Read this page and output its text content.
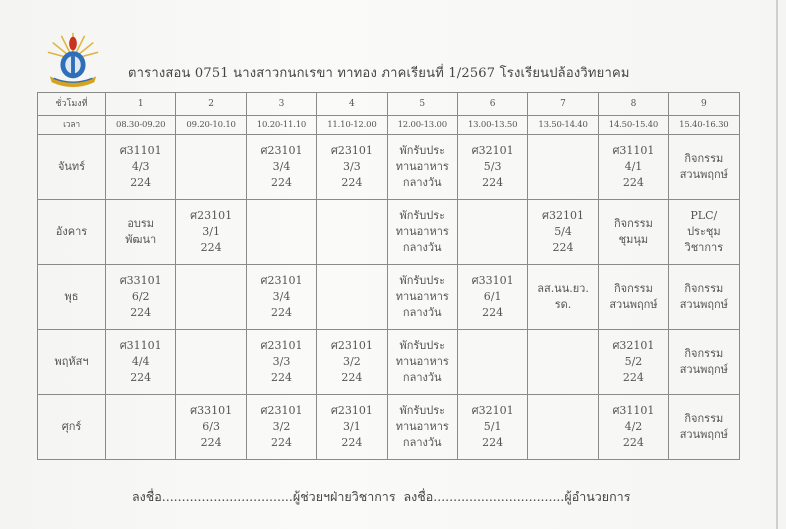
ตารางสอน 0751 นางสาวกนกเรขา ทาทอง ภาคเรียนที่ 1/2567 โรงเรียนปล้องวิทยาคม
ชั่วโมงที่	1	2	3	4	5	6	7	8	9
เวลา	08.30-09.20	09.20-10.10	10.20-11.10	11.10-12.00	12.00-13.00	13.00-13.50	13.50-14.40	14.50-15.40	15.40-16.30
จันทร์	ศ31101
4/3
224		ศ23101
3/4
224	ศ23101
3/3
224	พักรับประ
ทานอาหาร
กลางวัน	ศ32101
5/3
224		ศ31101
4/1
224	กิจกรรม
สวนพฤกษ์

อังคาร	อบรม
พัฒนา	ศ23101
3/1
224			พักรับประ
ทานอาหาร
กลางวัน		ศ32101
5/4
224	กิจกรรม
ชุมนุม	PLC/
ประชุม
วิชาการ

พุธ	ศ33101
6/2
224		ศ23101
3/4
224		พักรับประ
ทานอาหาร
กลางวัน	ศ33101
6/1
224	ลส.นน.ยว.
รด.	กิจกรรม
สวนพฤกษ์	กิจกรรม
สวนพฤกษ์

พฤหัสฯ	ศ31101
4/4
224		ศ23101
3/3
224	ศ23101
3/2
224	พักรับประ
ทานอาหาร
กลางวัน			ศ32101
5/2
224	กิจกรรม
สวนพฤกษ์

ศุกร์		ศ33101
6/3
224	ศ23101
3/2
224	ศ23101
3/1
224	พักรับประ
ทานอาหาร
กลางวัน	ศ32101
5/1
224		ศ31101
4/2
224	กิจกรรม
สวนพฤกษ์
ลงชื่อ.................................ผู้ช่วยฯฝ่ายวิชาการ ลงชื่อ.................................ผู้อำนวยการ
